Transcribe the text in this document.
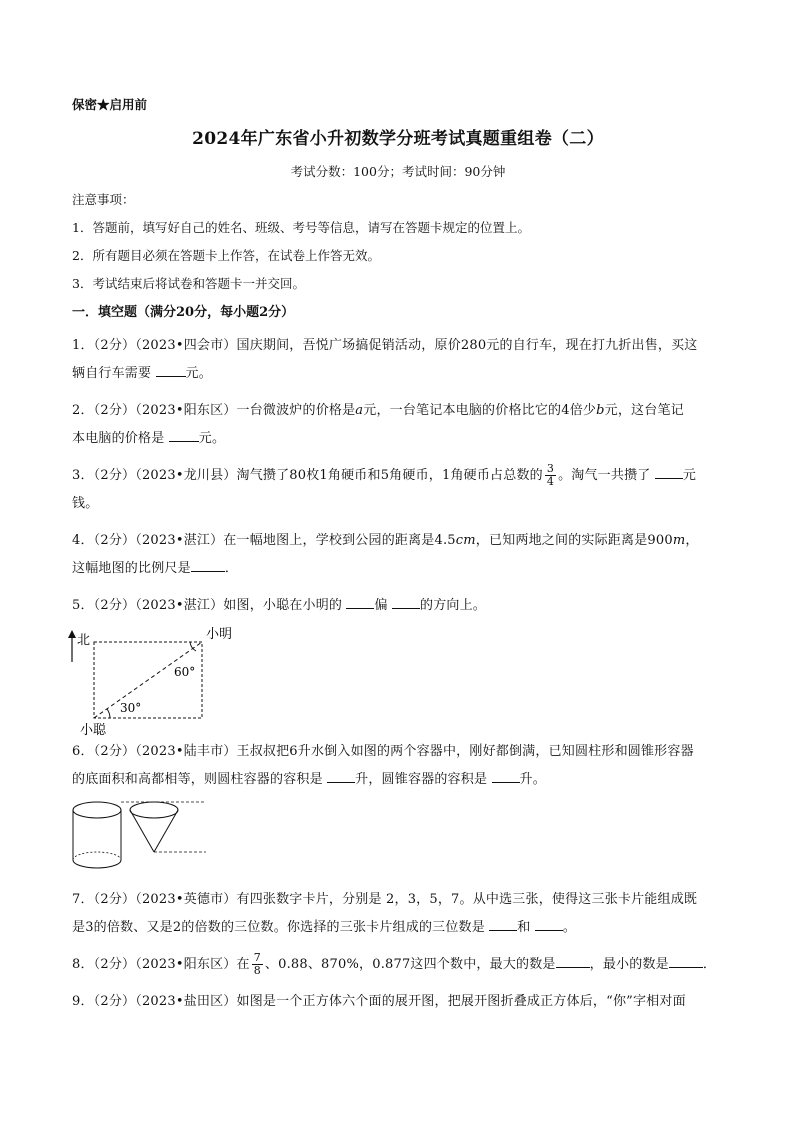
保密★启用前
2024年广东省小升初数学分班考试真题重组卷（二）
考试分数：100分；考试时间：90分钟
注意事项：
1．答题前，填写好自己的姓名、班级、考号等信息，请写在答题卡规定的位置上。
2．所有题目必须在答题卡上作答，在试卷上作答无效。
3．考试结束后将试卷和答题卡一并交回。
一．填空题（满分20分，每小题2分）
1．（2分）（2023•四会市）国庆期间，吾悦广场搞促销活动，原价280元的自行车，现在打九折出售，买这
辆自行车需要	元。
2．（2分）（2023•阳东区）一台微波炉的价格是a元，一台笔记本电脑的价格比它的4倍少b元，这台笔记
本电脑的价格是	元。
3．（2分）（2023•龙川县）淘气攒了80枚1角硬币和5角硬币，1角硬币占总数的 $\frac{3}{4}$ 。淘气一共攒了 元
钱。
4．（2分）（2023•湛江）在一幅地图上，学校到公园的距离是4.5cm，已知两地之间的实际距离是900m，
这幅地图的比例尺是	．
5．（2分）（2023•湛江）如图，小聪在小明的 偏 的方向上。
北	小明
60°
30°
小聪
6．（2分）（2023•陆丰市）王叔叔把6升水倒入如图的两个容器中，刚好都倒满，已知圆柱形和圆锥形容器
的底面积和高都相等，则圆柱容器的容积是 升，圆锥容器的容积是 升。
7．（2分）（2023•英德市）有四张数字卡片，分别是 2，3，5，7。从中选三张，使得这三张卡片能组成既
是3的倍数、又是2的倍数的三位数。你选择的三张卡片组成的三位数是 和 。
8．（2分）（2023•阳东区）在 $\frac{7}{8}$ 、0.88、870%，0.877这四个数中，最大的数是	，最小的数是	．
9．（2分）（2023•盐田区）如图是一个正方体六个面的展开图，把展开图折叠成正方体后，“你”字相对面
